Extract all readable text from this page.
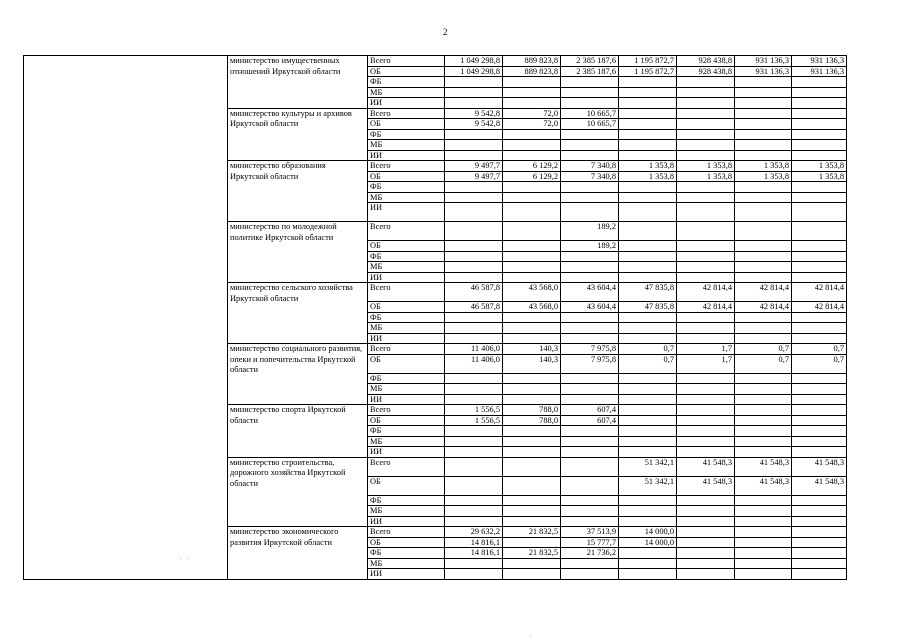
2
	министерство имущественных отношений Иркутской области	Всего	1 049 298,8	889 823,8	2 385 187,6	1 195 872,7	928 438,8	931 136,3	931 136,3
		ОБ	1 049 298,8	889 823,8	2 385 187,6	1 195 872,7	928 438,8	931 136,3	931 136,3
		ФБ							
		МБ							
		ИИ							
	министерство культуры и архивов Иркутской области	Всего	9 542,8	72,0	10 665,7				
		ОБ	9 542,8	72,0	10 665,7				
		ФБ							
		МБ							
		ИИ							
	министерство образования Иркутской области	Всего	9 497,7	6 129,2	7 340,8	1 353,8	1 353,8	1 353,8	1 353,8
		ОБ	9 497,7	6 129,2	7 340,8	1 353,8	1 353,8	1 353,8	1 353,8
		ФБ							
		МБ							
		ИИ							
	министерство по молодежной политике Иркутской области	Всего			189,2				
		ОБ			189,2				
		ФБ							
		МБ							
		ИИ							
	министерство сельского хозяйства Иркутской области	Всего	46 587,8	43 568,0	43 604,4	47 835,8	42 814,4	42 814,4	42 814,4
		ОБ	46 587,8	43 568,0	43 604,4	47 835,8	42 814,4	42 814,4	42 814,4
		ФБ							
		МБ							
		ИИ							
	министерство социального развития, опеки и попечительства Иркутской области	Всего	11 406,0	140,3	7 975,8	0,7	1,7	0,7	0,7
		ОБ	11 406,0	140,3	7 975,8	0,7	1,7	0,7	0,7
		ФБ							
		МБ							
		ИИ							
	министерство спорта Иркутской области	Всего	1 556,5	788,0	607,4				
		ОБ	1 556,5	788,0	607,4				
		ФБ							
		МБ							
		ИИ							
	министерство строительства, дорожного хозяйства Иркутской области	Всего				51 342,1	41 548,3	41 548,3	41 548,3
		ОБ				51 342,1	41 548,3	41 548,3	41 548,3
		ФБ							
		МБ							
		ИИ							
	министерство экономического развития Иркутской области	Всего	29 632,2	21 832,5	37 513,9	14 000,0			
		ОБ	14 816,1		15 777,7	14 000,0			
		ФБ	14 816,1	21 832,5	21 736,2				
		МБ							
		ИИ							
. .
.
